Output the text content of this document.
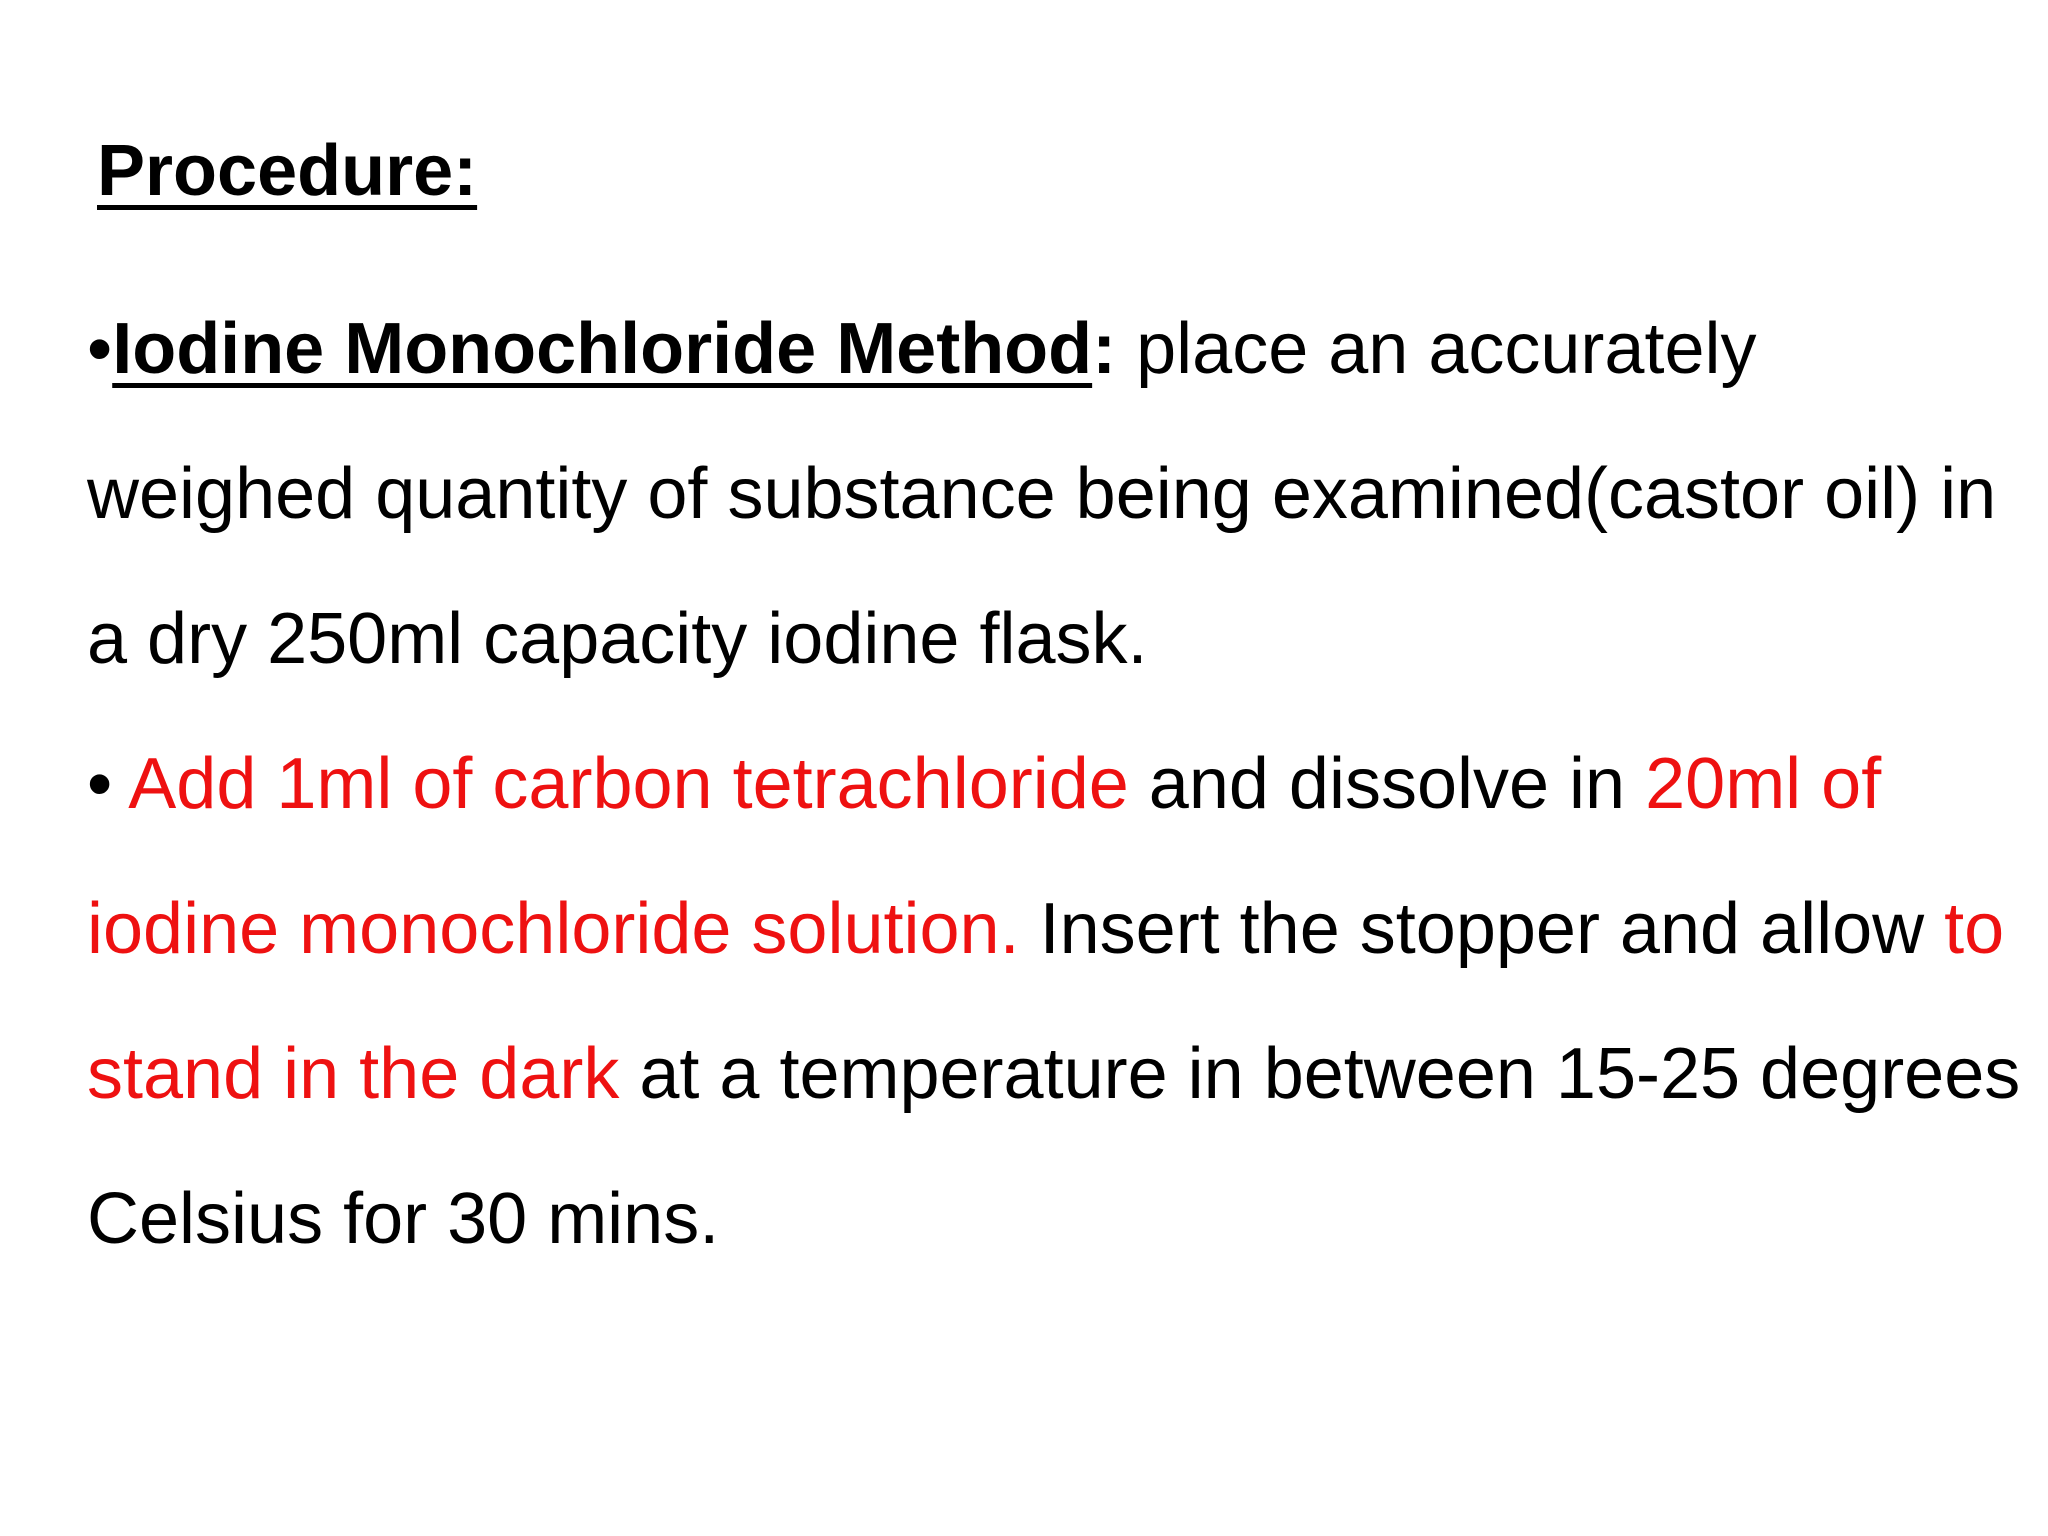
Procedure:

•Iodine Monochloride Method: place an accurately weighed quantity of substance being examined(castor oil) in a dry 250ml capacity iodine flask.

• Add 1ml of carbon tetrachloride and dissolve in 20ml of iodine monochloride solution. Insert the stopper and allow to stand in the dark at a temperature in between 15-25 degrees Celsius for 30 mins.
